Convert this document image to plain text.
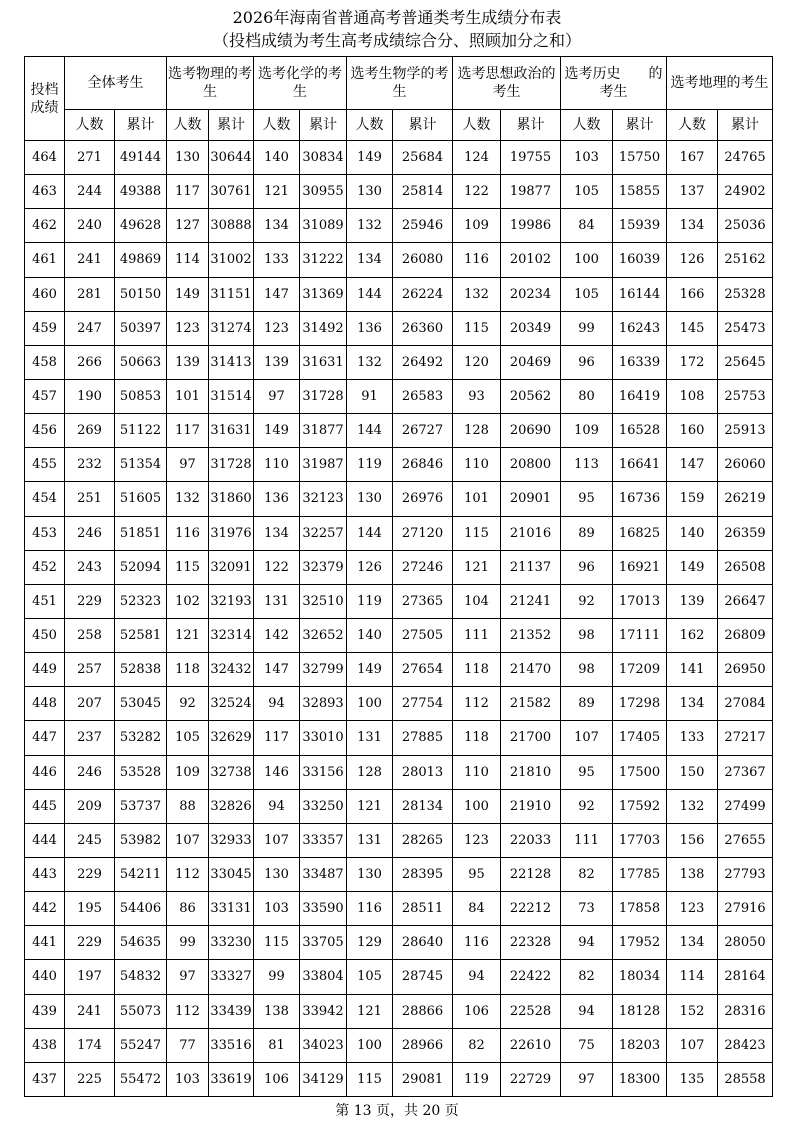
2026年海南省普通高考普通类考生成绩分布表
（投档成绩为考生高考成绩综合分、照顾加分之和）
投档成绩	全体考生		选考物理的考生		选考化学的考生		选考生物学的考生		选考思想政治的考生		选考历史　　的考生		选考地理的考生	
	人数	累计	人数	累计	人数	累计	人数	累计	人数	累计	人数	累计	人数	累计
464	271	49144	130	30644	140	30834	149	25684	124	19755	103	15750	167	24765
463	244	49388	117	30761	121	30955	130	25814	122	19877	105	15855	137	24902
462	240	49628	127	30888	134	31089	132	25946	109	19986	84	15939	134	25036
461	241	49869	114	31002	133	31222	134	26080	116	20102	100	16039	126	25162
460	281	50150	149	31151	147	31369	144	26224	132	20234	105	16144	166	25328
459	247	50397	123	31274	123	31492	136	26360	115	20349	99	16243	145	25473
458	266	50663	139	31413	139	31631	132	26492	120	20469	96	16339	172	25645
457	190	50853	101	31514	97	31728	91	26583	93	20562	80	16419	108	25753
456	269	51122	117	31631	149	31877	144	26727	128	20690	109	16528	160	25913
455	232	51354	97	31728	110	31987	119	26846	110	20800	113	16641	147	26060
454	251	51605	132	31860	136	32123	130	26976	101	20901	95	16736	159	26219
453	246	51851	116	31976	134	32257	144	27120	115	21016	89	16825	140	26359
452	243	52094	115	32091	122	32379	126	27246	121	21137	96	16921	149	26508
451	229	52323	102	32193	131	32510	119	27365	104	21241	92	17013	139	26647
450	258	52581	121	32314	142	32652	140	27505	111	21352	98	17111	162	26809
449	257	52838	118	32432	147	32799	149	27654	118	21470	98	17209	141	26950
448	207	53045	92	32524	94	32893	100	27754	112	21582	89	17298	134	27084
447	237	53282	105	32629	117	33010	131	27885	118	21700	107	17405	133	27217
446	246	53528	109	32738	146	33156	128	28013	110	21810	95	17500	150	27367
445	209	53737	88	32826	94	33250	121	28134	100	21910	92	17592	132	27499
444	245	53982	107	32933	107	33357	131	28265	123	22033	111	17703	156	27655
443	229	54211	112	33045	130	33487	130	28395	95	22128	82	17785	138	27793
442	195	54406	86	33131	103	33590	116	28511	84	22212	73	17858	123	27916
441	229	54635	99	33230	115	33705	129	28640	116	22328	94	17952	134	28050
440	197	54832	97	33327	99	33804	105	28745	94	22422	82	18034	114	28164
439	241	55073	112	33439	138	33942	121	28866	106	22528	94	18128	152	28316
438	174	55247	77	33516	81	34023	100	28966	82	22610	75	18203	107	28423
437	225	55472	103	33619	106	34129	115	29081	119	22729	97	18300	135	28558
第 13 页，共 20 页
